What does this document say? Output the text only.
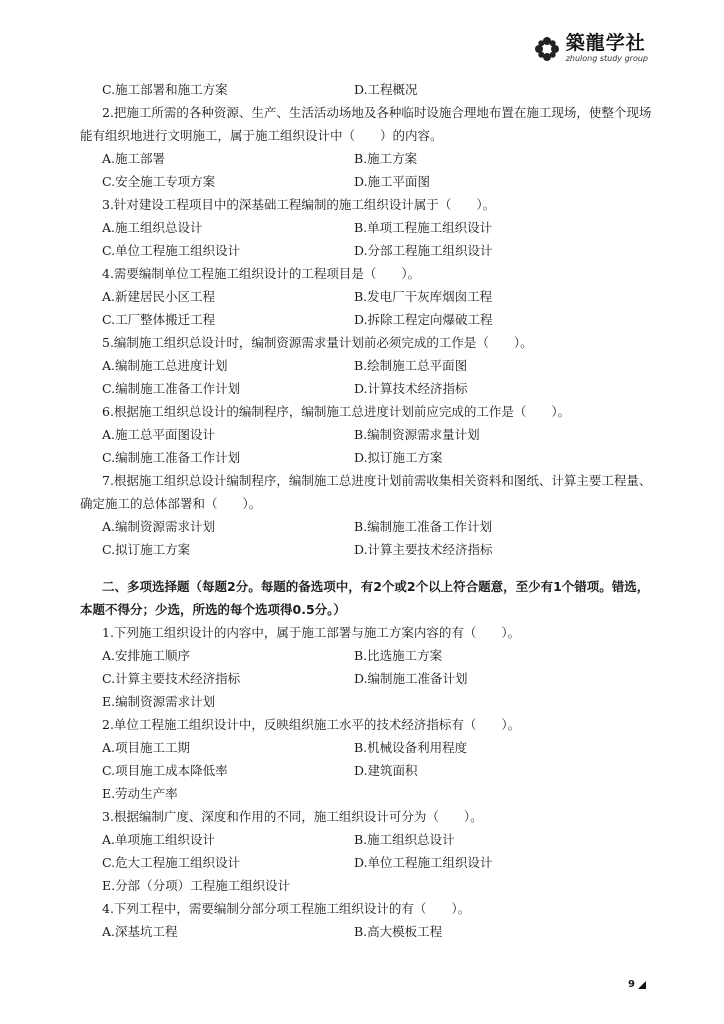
築龍学社
zhulong study group
C.施工部署和施工方案	D.工程概况
2.把施工所需的各种资源、生产、生活活动场地及各种临时设施合理地布置在施工现场，使整个现场能有组织地进行文明施工，属于施工组织设计中（　　）的内容。
A.施工部署	B.施工方案
C.安全施工专项方案	D.施工平面图
3.针对建设工程项目中的深基础工程编制的施工组织设计属于（　　）。
A.施工组织总设计	B.单项工程施工组织设计
C.单位工程施工组织设计	D.分部工程施工组织设计
4.需要编制单位工程施工组织设计的工程项目是（　　）。
A.新建居民小区工程	B.发电厂干灰库烟囱工程
C.工厂整体搬迁工程	D.拆除工程定向爆破工程
5.编制施工组织总设计时，编制资源需求量计划前必须完成的工作是（　　）。
A.编制施工总进度计划	B.绘制施工总平面图
C.编制施工准备工作计划	D.计算技术经济指标
6.根据施工组织总设计的编制程序，编制施工总进度计划前应完成的工作是（　　）。
A.施工总平面图设计	B.编制资源需求量计划
C.编制施工准备工作计划	D.拟订施工方案
7.根据施工组织总设计编制程序，编制施工总进度计划前需收集相关资料和图纸、计算主要工程量、确定施工的总体部署和（　　）。
A.编制资源需求计划	B.编制施工准备工作计划
C.拟订施工方案	D.计算主要技术经济指标
二、多项选择题（每题2分。每题的备选项中，有2个或2个以上符合题意，至少有1个错项。错选，本题不得分；少选，所选的每个选项得0.5分。）
1.下列施工组织设计的内容中，属于施工部署与施工方案内容的有（　　）。
A.安排施工顺序	B.比选施工方案
C.计算主要技术经济指标	D.编制施工准备计划
E.编制资源需求计划
2.单位工程施工组织设计中，反映组织施工水平的技术经济指标有（　　）。
A.项目施工工期	B.机械设备利用程度
C.项目施工成本降低率	D.建筑面积
E.劳动生产率
3.根据编制广度、深度和作用的不同，施工组织设计可分为（　　）。
A.单项施工组织设计	B.施工组织总设计
C.危大工程施工组织设计	D.单位工程施工组织设计
E.分部（分项）工程施工组织设计
4.下列工程中，需要编制分部分项工程施工组织设计的有（　　）。
A.深基坑工程	B.高大模板工程
9
